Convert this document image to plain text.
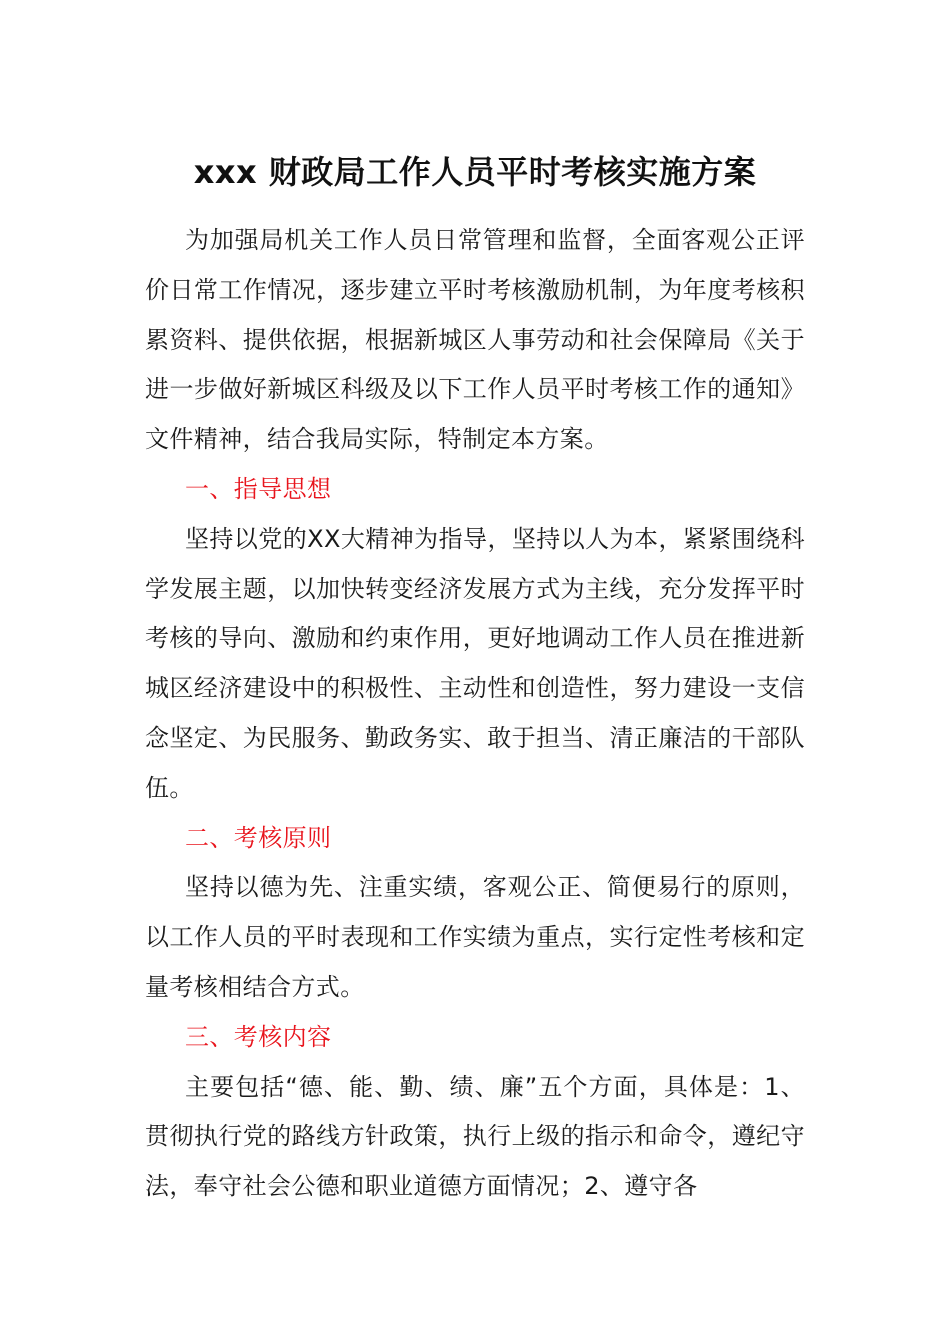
xxx 财政局工作人员平时考核实施方案

为加强局机关工作人员日常管理和监督，全面客观公正评价日常工作情况，逐步建立平时考核激励机制，为年度考核积累资料、提供依据，根据新城区人事劳动和社会保障局《关于进一步做好新城区科级及以下工作人员平时考核工作的通知》文件精神，结合我局实际，特制定本方案。

一、指导思想

坚持以党的XX大精神为指导，坚持以人为本，紧紧围绕科学发展主题，以加快转变经济发展方式为主线，充分发挥平时考核的导向、激励和约束作用，更好地调动工作人员在推进新城区经济建设中的积极性、主动性和创造性，努力建设一支信念坚定、为民服务、勤政务实、敢于担当、清正廉洁的干部队伍。

二、考核原则

坚持以德为先、注重实绩，客观公正、简便易行的原则，以工作人员的平时表现和工作实绩为重点，实行定性考核和定量考核相结合方式。

三、考核内容

主要包括“德、能、勤、绩、廉”五个方面，具体是：1、贯彻执行党的路线方针政策，执行上级的指示和命令，遵纪守法，奉守社会公德和职业道德方面情况；2、遵守各
